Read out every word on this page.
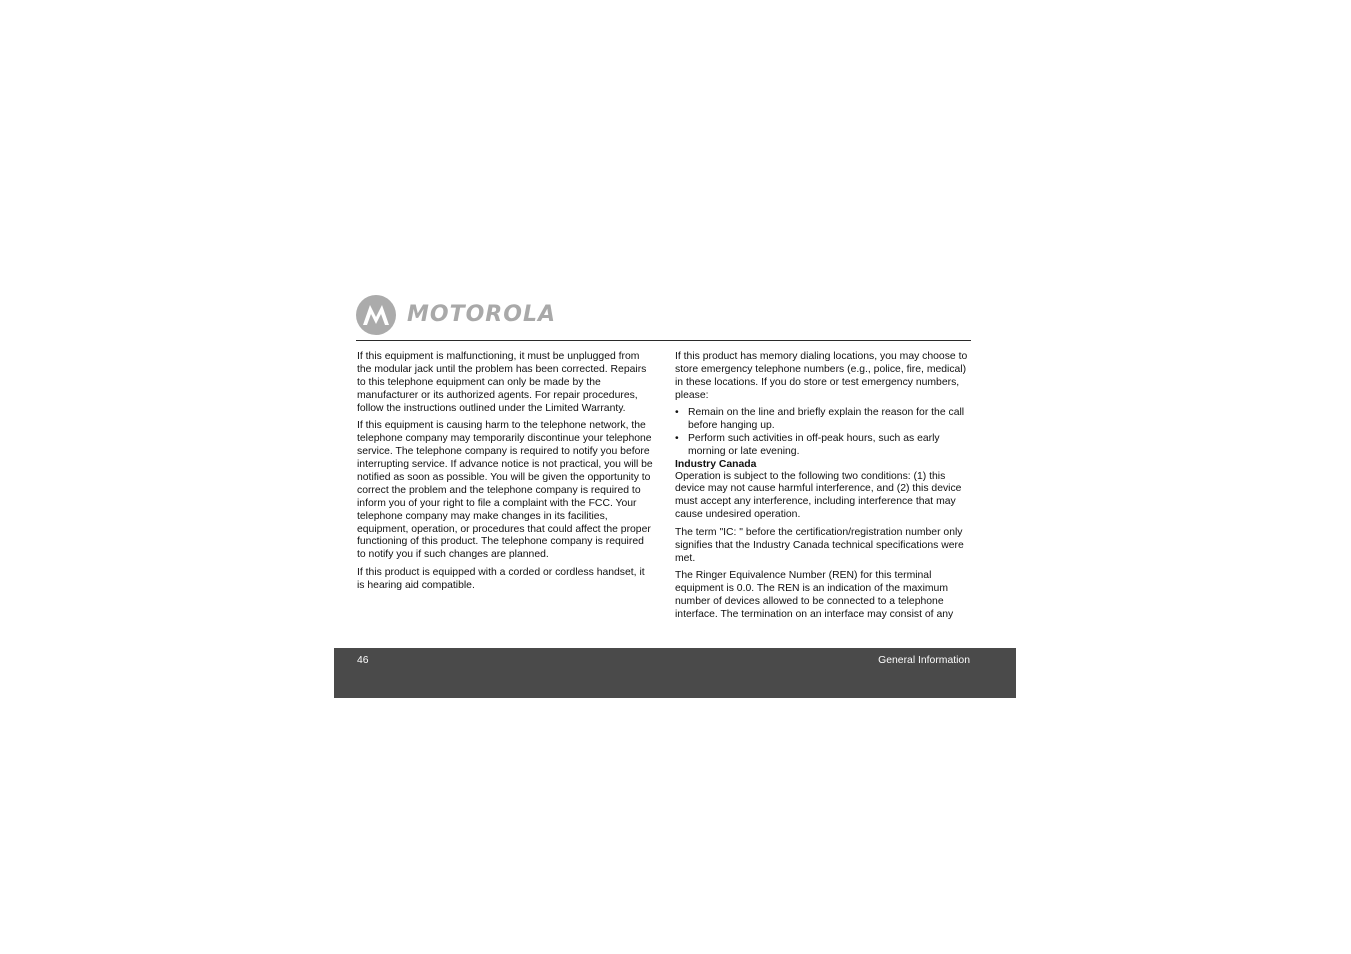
MOTOROLA

If this equipment is malfunctioning, it must be unplugged from the modular jack until the problem has been corrected. Repairs to this telephone equipment can only be made by the manufacturer or its authorized agents. For repair procedures, follow the instructions outlined under the Limited Warranty.

If this equipment is causing harm to the telephone network, the telephone company may temporarily discontinue your telephone service. The telephone company is required to notify you before interrupting service. If advance notice is not practical, you will be notified as soon as possible. You will be given the opportunity to correct the problem and the telephone company is required to inform you of your right to file a complaint with the FCC. Your telephone company may make changes in its facilities, equipment, operation, or procedures that could affect the proper functioning of this product. The telephone company is required to notify you if such changes are planned.

If this product is equipped with a corded or cordless handset, it is hearing aid compatible.

If this product has memory dialing locations, you may choose to store emergency telephone numbers (e.g., police, fire, medical) in these locations. If you do store or test emergency numbers, please:

• Remain on the line and briefly explain the reason for the call before hanging up.
• Perform such activities in off-peak hours, such as early morning or late evening.
Industry Canada

Operation is subject to the following two conditions: (1) this device may not cause harmful interference, and (2) this device must accept any interference, including interference that may cause undesired operation.

The term "IC: " before the certification/registration number only signifies that the Industry Canada technical specifications were met.

The Ringer Equivalence Number (REN) for this terminal equipment is 0.0. The REN is an indication of the maximum number of devices allowed to be connected to a telephone interface. The termination on an interface may consist of any

46	General Information
